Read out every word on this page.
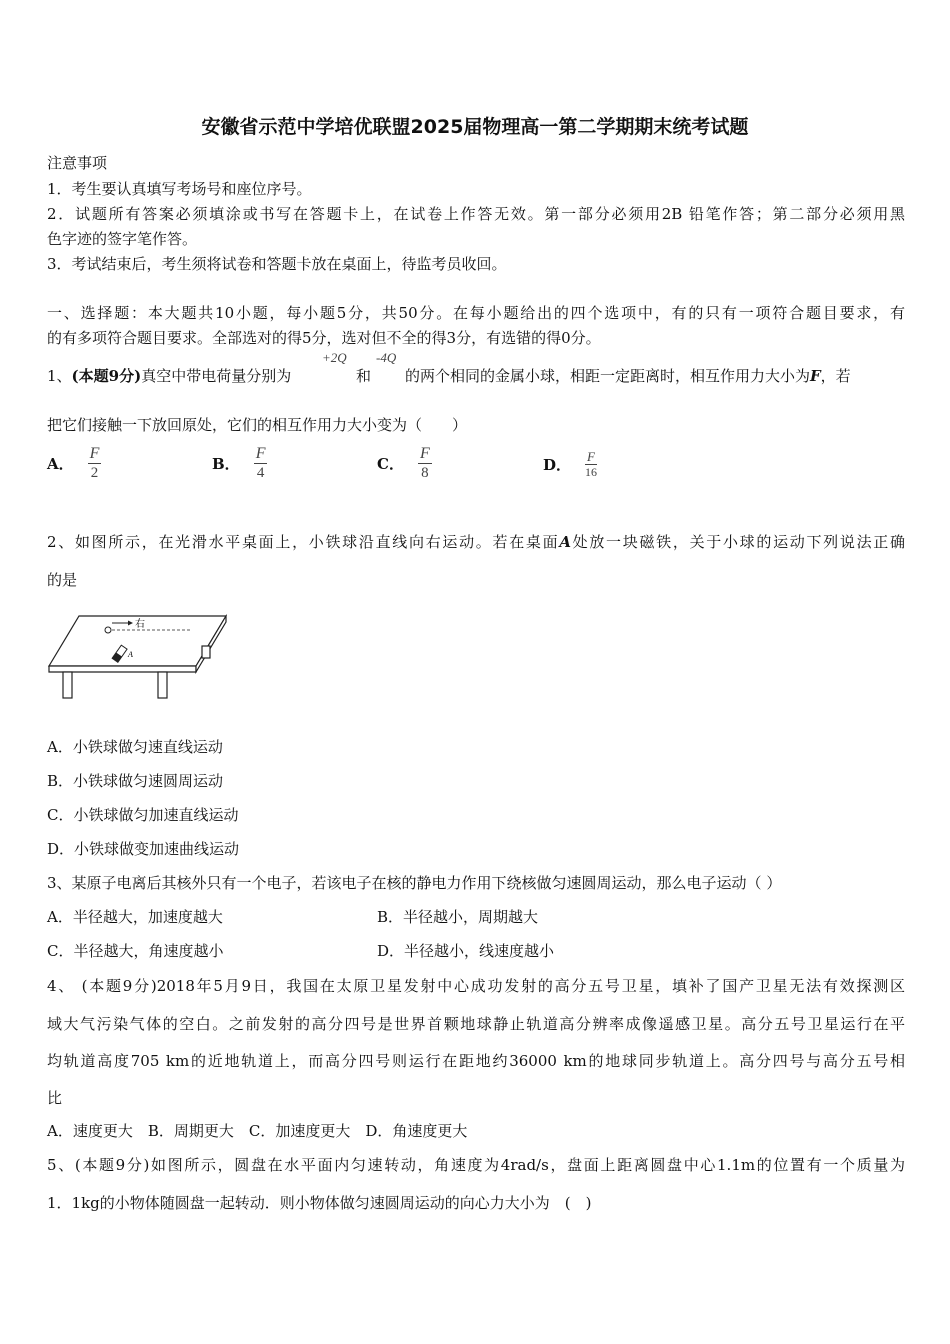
安徽省示范中学培优联盟2025届物理高一第二学期期末统考试题
注意事项
1．考生要认真填写考场号和座位序号。
2．试题所有答案必须填涂或书写在答题卡上，在试卷上作答无效。第一部分必须用2B 铅笔作答；第二部分必须用黑
色字迹的签字笔作答。
3．考试结束后，考生须将试卷和答题卡放在桌面上，待监考员收回。
一、选择题：本大题共10小题，每小题5分，共50分。在每小题给出的四个选项中，有的只有一项符合题目要求，有
的有多项符合题目要求。全部选对的得5分，选对但不全的得3分，有选错的得0分。
1、(本题9分)真空中带电荷量分别为
+2Q
和
-4Q
的两个相同的金属小球，相距一定距离时，相互作用力大小为F，若
把它们接触一下放回原处，它们的相互作用力大小变为（　　）
A． $\frac{F}{2}$	B． $\frac{F}{4}$	C． $\frac{F}{8}$	D． $\frac{F}{16}$
2、如图所示，在光滑水平桌面上，小铁球沿直线向右运动。若在桌面A处放一块磁铁，关于小球的运动下列说法正确
的是
右
A
A．小铁球做匀速直线运动
B．小铁球做匀速圆周运动
C．小铁球做匀加速直线运动
D．小铁球做变加速曲线运动
3、某原子电离后其核外只有一个电子，若该电子在核的静电力作用下绕核做匀速圆周运动，那么电子运动（ ）
A．半径越大，加速度越大	B．半径越小，周期越大
C．半径越大，角速度越小	D．半径越小，线速度越小
4、 (本题9分)2018年5月9日，我国在太原卫星发射中心成功发射的高分五号卫星，填补了国产卫星无法有效探测区
域大气污染气体的空白。之前发射的高分四号是世界首颗地球静止轨道高分辨率成像遥感卫星。高分五号卫星运行在平
均轨道高度705 km的近地轨道上，而高分四号则运行在距地约36000 km的地球同步轨道上。高分四号与高分五号相
比
A．速度更大　B．周期更大　C．加速度更大　D．角速度更大
5、(本题9分)如图所示，圆盘在水平面内匀速转动，角速度为4rad/s，盘面上距离圆盘中心1.1m的位置有一个质量为
1．1kg的小物体随圆盘一起转动．则小物体做匀速圆周运动的向心力大小为　(　)
